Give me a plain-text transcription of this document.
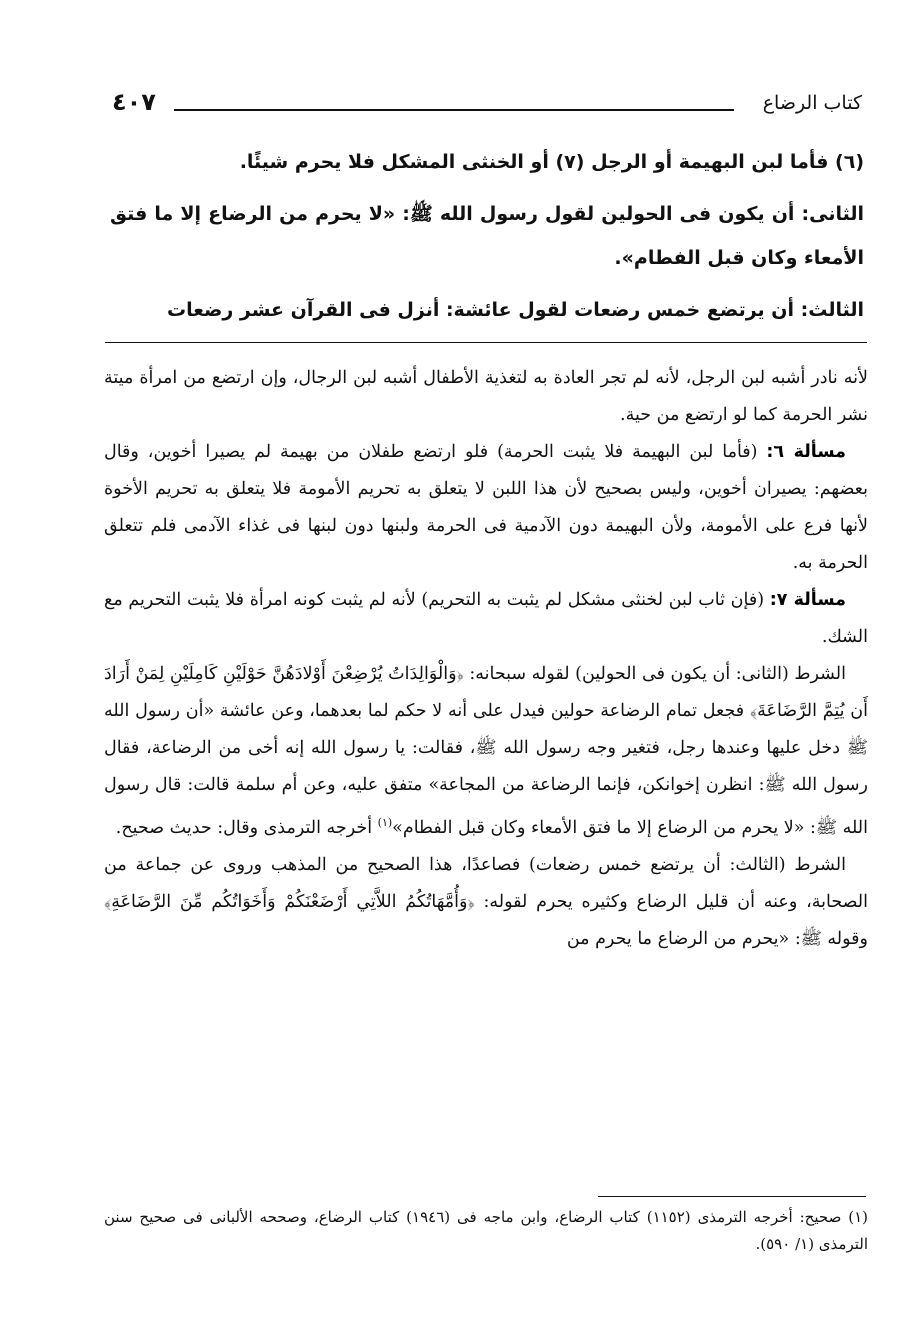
كتاب الرضاع
٤٠٧

(٦) فأما لبن البهيمة أو الرجل (٧) أو الخنثى المشكل فلا يحرم شيئًا.

الثانى: أن يكون فى الحولين لقول رسول الله ﷺ: «لا يحرم من الرضاع إلا ما فتق الأمعاء وكان قبل الفطام».

الثالث: أن يرتضع خمس رضعات لقول عائشة: أنزل فى القرآن عشر رضعات

لأنه نادر أشبه لبن الرجل، لأنه لم تجر العادة به لتغذية الأطفال أشبه لبن الرجال، وإن ارتضع من امرأة ميتة نشر الحرمة كما لو ارتضع من حية.

مسألة ٦: (فأما لبن البهيمة فلا يثبت الحرمة) فلو ارتضع طفلان من بهيمة لم يصيرا أخوين، وقال بعضهم: يصيران أخوين، وليس بصحيح لأن هذا اللبن لا يتعلق به تحريم الأمومة فلا يتعلق به تحريم الأخوة لأنها فرع على الأمومة، ولأن البهيمة دون الآدمية فى الحرمة ولبنها دون لبنها فى غذاء الآدمى فلم تتعلق الحرمة به.

مسألة ٧: (فإن ثاب لبن لخنثى مشكل لم يثبت به التحريم) لأنه لم يثبت كونه امرأة فلا يثبت التحريم مع الشك.

الشرط (الثانى: أن يكون فى الحولين) لقوله سبحانه: ﴿وَالْوَالِدَاتُ يُرْضِعْنَ أَوْلادَهُنَّ حَوْلَيْنِ كَامِلَيْنِ لِمَنْ أَرَادَ أَن يُتِمَّ الرَّضَاعَةَ﴾ فجعل تمام الرضاعة حولين فيدل على أنه لا حكم لما بعدهما، وعن عائشة «أن رسول الله ﷺ دخل عليها وعندها رجل، فتغير وجه رسول الله ﷺ، فقالت: يا رسول الله إنه أخى من الرضاعة، فقال رسول الله ﷺ: انظرن إخوانكن، فإنما الرضاعة من المجاعة» متفق عليه، وعن أم سلمة قالت: قال رسول الله ﷺ: «لا يحرم من الرضاع إلا ما فتق الأمعاء وكان قبل الفطام»$^{(١)}$ أخرجه الترمذى وقال: حديث صحيح.

الشرط (الثالث: أن يرتضع خمس رضعات) فصاعدًا، هذا الصحيح من المذهب وروى عن جماعة من الصحابة، وعنه أن قليل الرضاع وكثيره يحرم لقوله: ﴿وَأُمَّهَاتُكُمُ اللاَّتِي أَرْضَعْنَكُمْ وَأَخَوَاتُكُم مِّنَ الرَّضَاعَةِ﴾ وقوله ﷺ: «يحرم من الرضاع ما يحرم من

(١) صحيح: أخرجه الترمذى (١١٥٢) كتاب الرضاع، وابن ماجه فى (١٩٤٦) كتاب الرضاع، وصححه الألبانى فى صحيح سنن الترمذى (١/ ٥٩٠).
